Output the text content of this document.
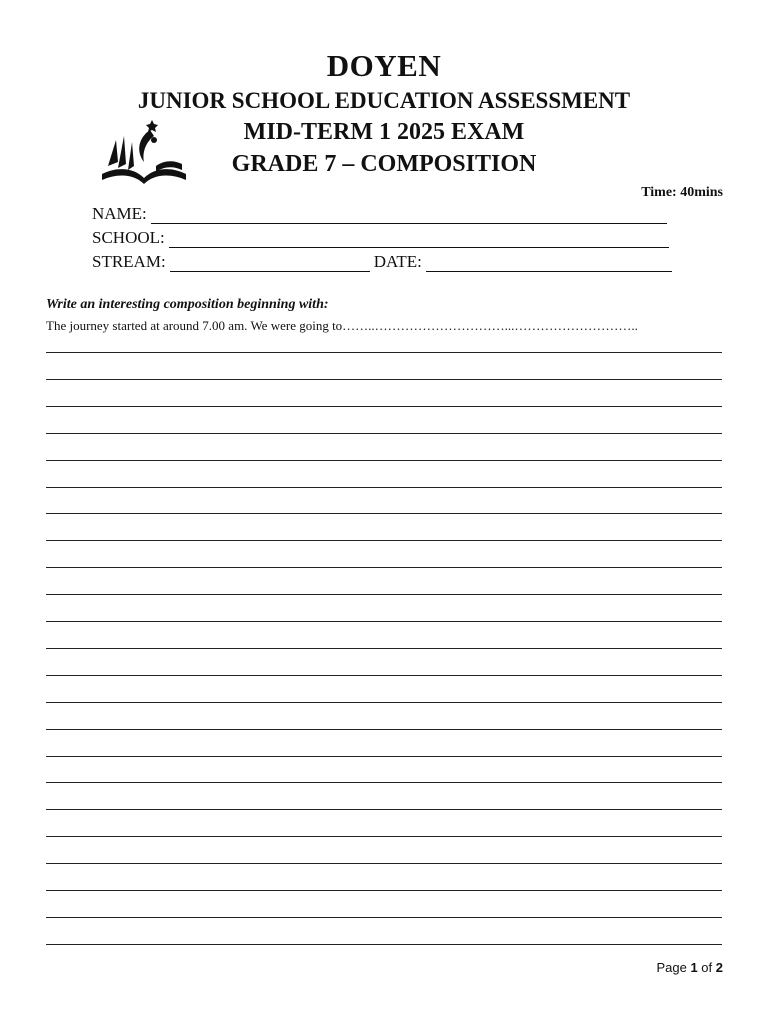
DOYEN
JUNIOR SCHOOL EDUCATION ASSESSMENT
MID-TERM 1 2025 EXAM
GRADE 7 – COMPOSITION
Time: 40mins
NAME:
SCHOOL:
STREAM:	DATE:
Write an interesting composition beginning with:
The journey started at around 7.00 am. We were going to……..…………………………...………………………..
Page 1 of 2
